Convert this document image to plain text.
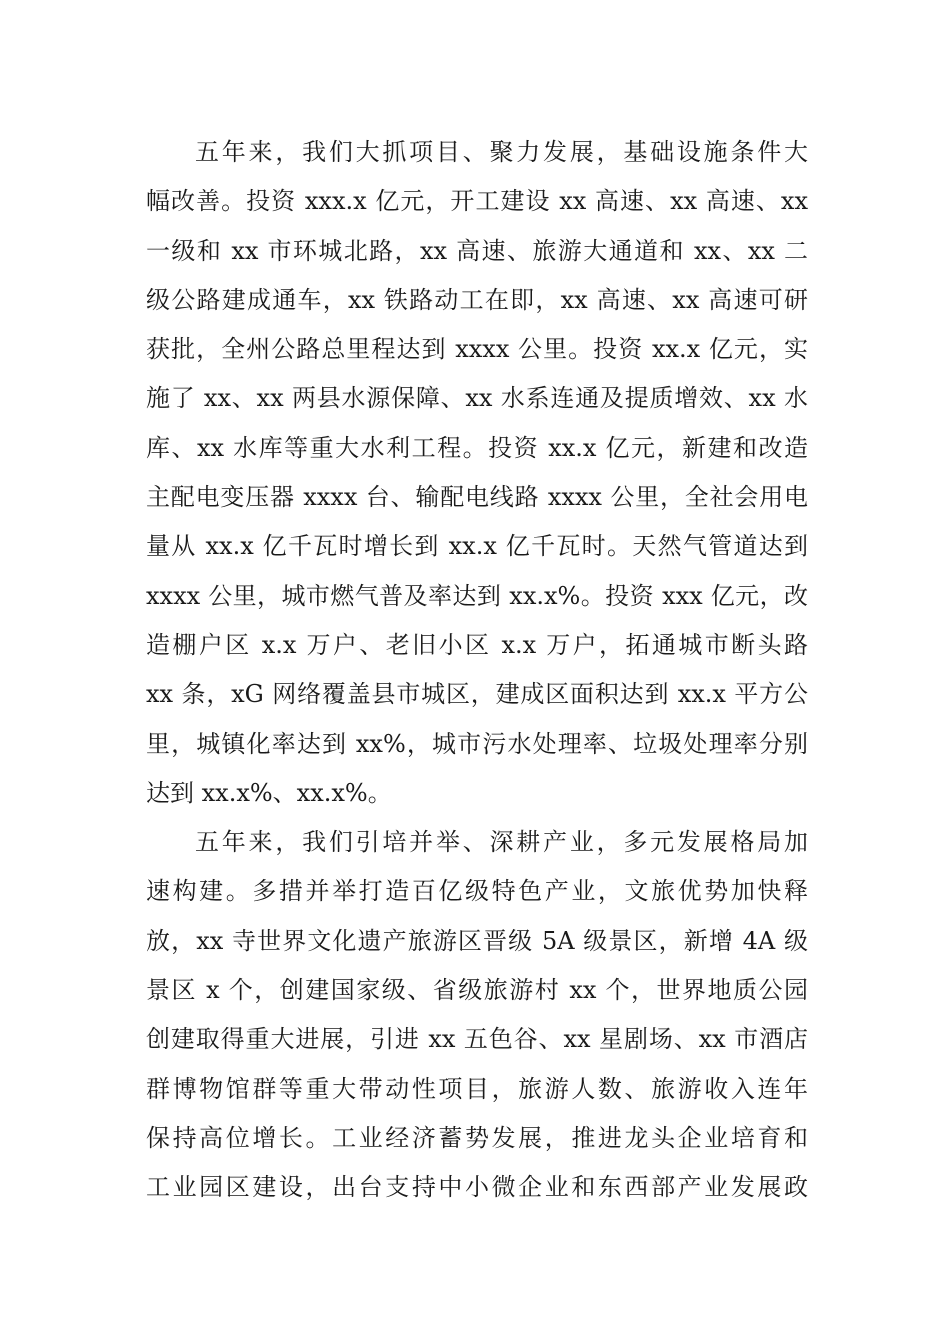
五年来，我们大抓项目、聚力发展，基础设施条件大
幅改善。投资 xxx.x 亿元，开工建设 xx 高速、xx 高速、xx
一级和 xx 市环城北路，xx 高速、旅游大通道和 xx、xx 二
级公路建成通车，xx 铁路动工在即，xx 高速、xx 高速可研
获批，全州公路总里程达到 xxxx 公里。投资 xx.x 亿元，实
施了 xx、xx 两县水源保障、xx 水系连通及提质增效、xx 水
库、xx 水库等重大水利工程。投资 xx.x 亿元，新建和改造
主配电变压器 xxxx 台、输配电线路 xxxx 公里，全社会用电
量从 xx.x 亿千瓦时增长到 xx.x 亿千瓦时。天然气管道达到
xxxx 公里，城市燃气普及率达到 xx.x%。投资 xxx 亿元，改
造棚户区 x.x 万户、老旧小区 x.x 万户，拓通城市断头路
xx 条，xG 网络覆盖县市城区，建成区面积达到 xx.x 平方公
里，城镇化率达到 xx%，城市污水处理率、垃圾处理率分别
达到 xx.x%、xx.x%。
五年来，我们引培并举、深耕产业，多元发展格局加
速构建。多措并举打造百亿级特色产业，文旅优势加快释
放，xx 寺世界文化遗产旅游区晋级 5A 级景区，新增 4A 级
景区 x 个，创建国家级、省级旅游村 xx 个，世界地质公园
创建取得重大进展，引进 xx 五色谷、xx 星剧场、xx 市酒店
群博物馆群等重大带动性项目，旅游人数、旅游收入连年
保持高位增长。工业经济蓄势发展，推进龙头企业培育和
工业园区建设，出台支持中小微企业和东西部产业发展政
